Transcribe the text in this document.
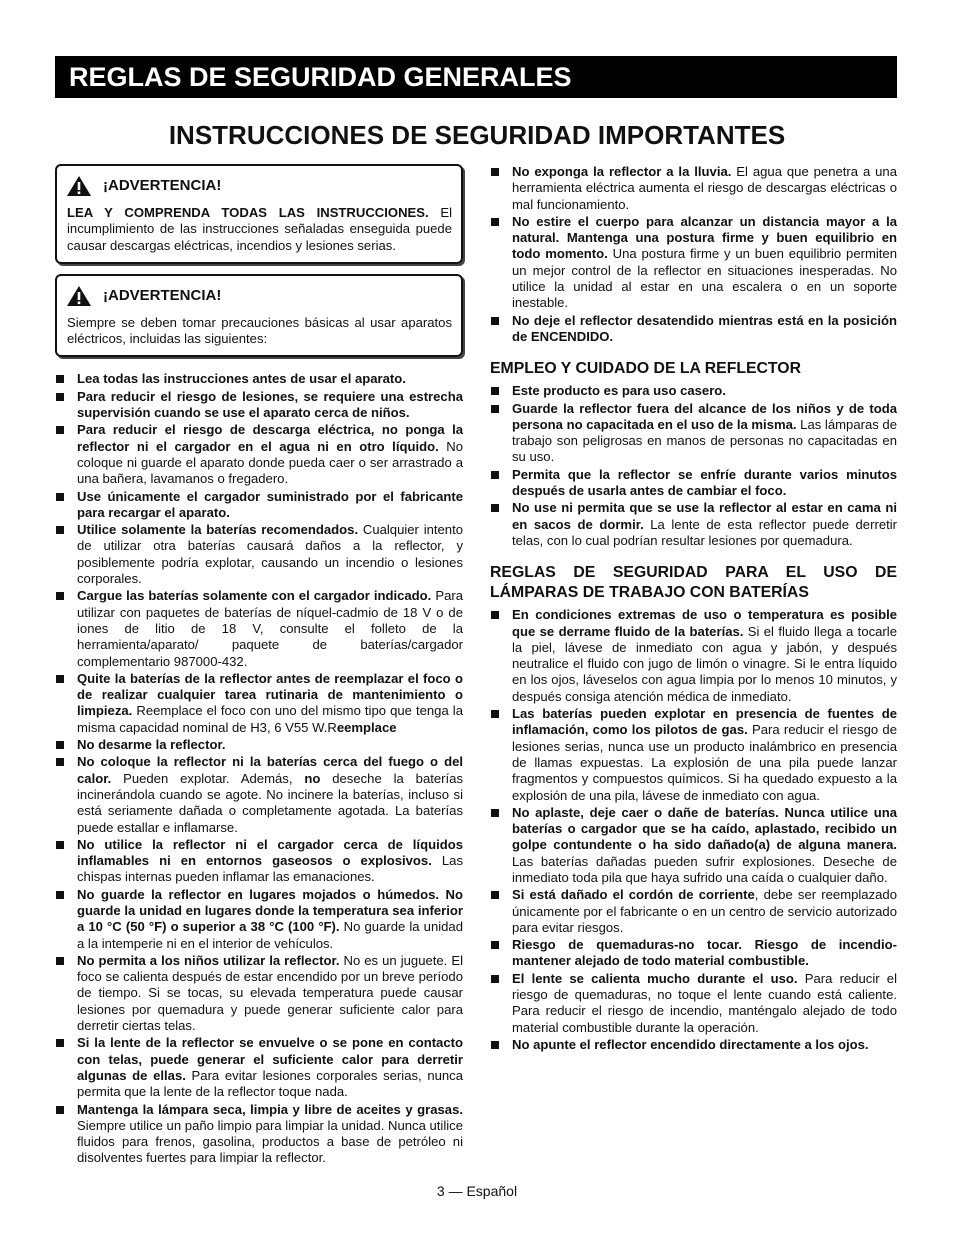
REGLAS DE SEGURIDAD GENERALES
INSTRUCCIONES DE SEGURIDAD IMPORTANTES
¡ADVERTENCIA!

LEA Y COMPRENDA TODAS LAS INSTRUCCIONES. El incumplimiento de las instrucciones señaladas enseguida puede causar descargas eléctricas, incendios y lesiones serias.

¡ADVERTENCIA!

Siempre se deben tomar precauciones básicas al usar aparatos eléctricos, incluidas las siguientes:

Lea todas las instrucciones antes de usar el aparato.
Para reducir el riesgo de lesiones, se requiere una estrecha supervisión cuando se use el aparato cerca de niños.
Para reducir el riesgo de descarga eléctrica, no ponga la reflector ni el cargador en el agua ni en otro líquido. No coloque ni guarde el aparato donde pueda caer o ser arrastrado a una bañera, lavamanos o fregadero.
Use únicamente el cargador suministrado por el fabricante para recargar el aparato.
Utilice solamente la baterías recomendados. Cualquier intento de utilizar otra baterías causará daños a la reflector, y posiblemente podría explotar, causando un incendio o lesiones corporales.
Cargue las baterías solamente con el cargador indicado. Para utilizar con paquetes de baterías de níquel-cadmio de 18 V o de iones de litio de 18 V, consulte el folleto de la herramienta/aparato/ paquete de baterías/cargador complementario 987000-432.
Quite la baterías de la reflector antes de reemplazar el foco o de realizar cualquier tarea rutinaria de mantenimiento o limpieza. Reemplace el foco con uno del mismo tipo que tenga la misma capacidad nominal de H3, 6 V55 W.Reemplace
No desarme la reflector.
No coloque la reflector ni la baterías cerca del fuego o del calor. Pueden explotar. Además, no deseche la baterías incinerándola cuando se agote. No incinere la baterías, incluso si está seriamente dañada o completamente agotada. La baterías puede estallar e inflamarse.
No utilice la reflector ni el cargador cerca de líquidos inflamables ni en entornos gaseosos o explosivos. Las chispas internas pueden inflamar las emanaciones.
No guarde la reflector en lugares mojados o húmedos. No guarde la unidad en lugares donde la temperatura sea inferior a 10 °C (50 °F) o superior a 38 °C (100 °F). No guarde la unidad a la intemperie ni en el interior de vehículos.
No permita a los niños utilizar la reflector. No es un juguete. El foco se calienta después de estar encendido por un breve período de tiempo. Si se tocas, su elevada temperatura puede causar lesiones por quemadura y puede generar suficiente calor para derretir ciertas telas.
Si la lente de la reflector se envuelve o se pone en contacto con telas, puede generar el suficiente calor para derretir algunas de ellas. Para evitar lesiones corporales serias, nunca permita que la lente de la reflector toque nada.
Mantenga la lámpara seca, limpia y libre de aceites y grasas. Siempre utilice un paño limpio para limpiar la unidad. Nunca utilice fluidos para frenos, gasolina, productos a base de petróleo ni disolventes fuertes para limpiar la reflector.
No exponga la reflector a la lluvia. El agua que penetra a una herramienta eléctrica aumenta el riesgo de descargas eléctricas o mal funcionamiento.
No estire el cuerpo para alcanzar un distancia mayor a la natural. Mantenga una postura firme y buen equilibrio en todo momento. Una postura firme y un buen equilibrio permiten un mejor control de la reflector en situaciones inesperadas. No utilice la unidad al estar en una escalera o en un soporte inestable.
No deje el reflector desatendido mientras está en la posición de ENCENDIDO.
EMPLEO Y CUIDADO DE LA REFLECTOR
Este producto es para uso casero.
Guarde la reflector fuera del alcance de los niños y de toda persona no capacitada en el uso de la misma. Las lámparas de trabajo son peligrosas en manos de personas no capacitadas en su uso.
Permita que la reflector se enfríe durante varios minutos después de usarla antes de cambiar el foco.
No use ni permita que se use la reflector al estar en cama ni en sacos de dormir. La lente de esta reflector puede derretir telas, con lo cual podrían resultar lesiones por quemadura.
REGLAS DE SEGURIDAD PARA EL USO DE LÁMPARAS DE TRABAJO CON BATERÍAS
En condiciones extremas de uso o temperatura es posible que se derrame fluido de la baterías. Si el fluido llega a tocarle la piel, lávese de inmediato con agua y jabón, y después neutralice el fluido con jugo de limón o vinagre. Si le entra líquido en los ojos, láveselos con agua limpia por lo menos 10 minutos, y después consiga atención médica de inmediato.
Las baterías pueden explotar en presencia de fuentes de inflamación, como los pilotos de gas. Para reducir el riesgo de lesiones serias, nunca use un producto inalámbrico en presencia de llamas expuestas. La explosión de una pila puede lanzar fragmentos y compuestos químicos. Si ha quedado expuesto a la explosión de una pila, lávese de inmediato con agua.
No aplaste, deje caer o dañe de baterías. Nunca utilice una baterías o cargador que se ha caído, aplastado, recibido un golpe contundente o ha sido dañado(a) de alguna manera. Las baterías dañadas pueden sufrir explosiones. Deseche de inmediato toda pila que haya sufrido una caída o cualquier daño.
Si está dañado el cordón de corriente, debe ser reemplazado únicamente por el fabricante o en un centro de servicio autorizado para evitar riesgos.
Riesgo de quemaduras-no tocar. Riesgo de incendio-mantener alejado de todo material combustible.
El lente se calienta mucho durante el uso. Para reducir el riesgo de quemaduras, no toque el lente cuando está caliente. Para reducir el riesgo de incendio, manténgalo alejado de todo material combustible durante la operación.
No apunte el reflector encendido directamente a los ojos.
3 — Español
